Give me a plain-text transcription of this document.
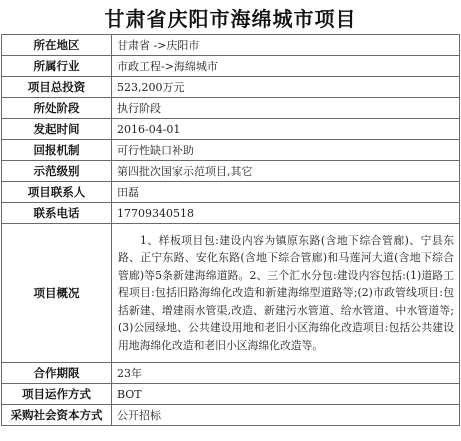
甘肃省庆阳市海绵城市项目
所在地区	甘肃省 ->庆阳市
所属行业	市政工程->海绵城市
项目总投资	523,200万元
所处阶段	执行阶段
发起时间	2016-04-01
回报机制	可行性缺口补助
示范级别	第四批次国家示范项目,其它
项目联系人	田磊
联系电话	17709340518
项目概况	1、样板项目包:建设内容为镇原东路(含地下综合管廊)、宁县东路、正宁东路、安化东路(含地下综合管廊)和马莲河大道(含地下综合管廊)等5条新建海绵道路。2、三个汇水分包:建设内容包括:(1)道路工程项目:包括旧路海绵化改造和新建海绵型道路等;(2)市政管线项目:包括新建、增建雨水管渠,改造、新建污水管道、给水管道、中水管道等;(3)公园绿地、公共建设用地和老旧小区海绵化改造项目:包括公共建设用地海绵化改造和老旧小区海绵化改造等。
合作期限	23年
项目运作方式	BOT
采购社会资本方式	公开招标
